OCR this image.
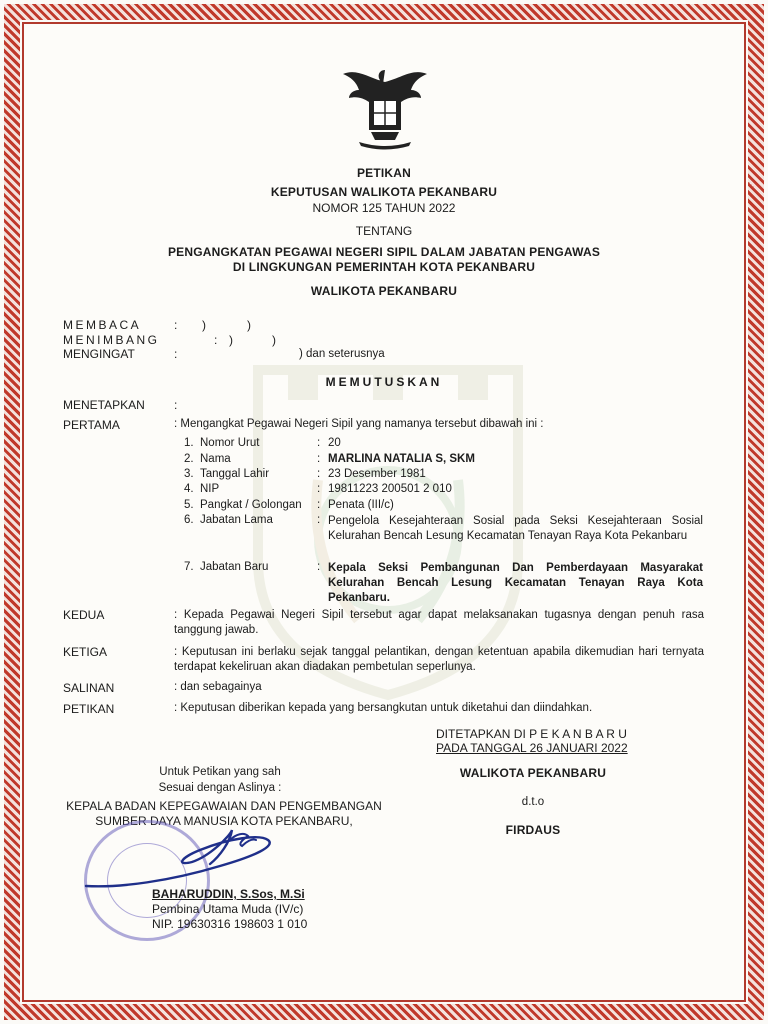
PETIKAN
KEPUTUSAN WALIKOTA PEKANBARU
NOMOR 125 TAHUN 2022
TENTANG
PENGANGKATAN PEGAWAI NEGERI SIPIL DALAM JABATAN PENGAWAS
DI LINGKUNGAN PEMERINTAH KOTA PEKANBARU
WALIKOTA PEKANBARU
MEMBACA	: )	)
MENIMBANG	: )	)
MENGINGAT	:	) dan seterusnya
MEMUTUSKAN
MENETAPKAN :
PERTAMA	: Mengangkat Pegawai Negeri Sipil yang namanya tersebut dibawah ini :
1. Nomor Urut	: 20
2. Nama	: MARLINA NATALIA S, SKM
3. Tanggal Lahir	: 23 Desember 1981
4. NIP	: 19811223 200501 2 010
5. Pangkat / Golongan : Penata (III/c)
6. Jabatan Lama	: Pengelola Kesejahteraan Sosial pada Seksi Kesejahteraan Sosial Kelurahan Bencah Lesung Kecamatan Tenayan Raya Kota Pekanbaru
7. Jabatan Baru	: Kepala Seksi Pembangunan Dan Pemberdayaan Masyarakat Kelurahan Bencah Lesung Kecamatan Tenayan Raya Kota Pekanbaru.
KEDUA	: Kepada Pegawai Negeri Sipil tersebut agar dapat melaksanakan tugasnya dengan penuh rasa tanggung jawab.
KETIGA	: Keputusan ini berlaku sejak tanggal pelantikan, dengan ketentuan apabila dikemudian hari ternyata terdapat kekeliruan akan diadakan pembetulan seperlunya.
SALINAN	: dan sebagainya
PETIKAN	: Keputusan diberikan kepada yang bersangkutan untuk diketahui dan diindahkan.
DITETAPKAN DI P E K A N B A R U
PADA TANGGAL 26 JANUARI 2022
WALIKOTA PEKANBARU
d.t.o
FIRDAUS
Untuk Petikan yang sah
Sesuai dengan Aslinya :
KEPALA BADAN KEPEGAWAIAN DAN PENGEMBANGAN
SUMBER DAYA MANUSIA KOTA PEKANBARU,
BAHARUDDIN, S.Sos, M.Si
Pembina Utama Muda (IV/c)
NIP. 19630316 198603 1 010
